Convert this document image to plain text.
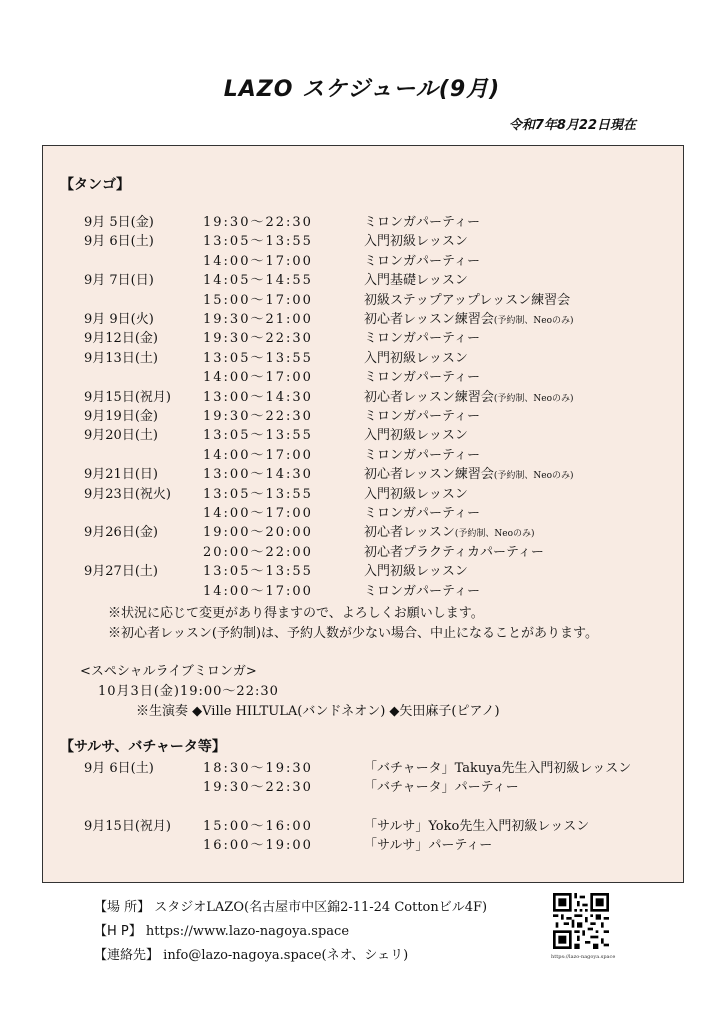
LAZO スケジュール(9月)
令和7年8月22日現在
【タンゴ】
9月 5日(金)	19:30〜22:30	ミロンガパーティー
9月 6日(土)	13:05〜13:55	入門初級レッスン
14:00〜17:00	ミロンガパーティー
9月 7日(日)	14:05〜14:55	入門基礎レッスン
15:00〜17:00	初級ステップアップレッスン練習会
9月 9日(火)	19:30〜21:00	初心者レッスン練習会(予約制、Neoのみ)
9月12日(金)	19:30〜22:30	ミロンガパーティー
9月13日(土)	13:05〜13:55	入門初級レッスン
14:00〜17:00	ミロンガパーティー
9月15日(祝月) 13:00〜14:30	初心者レッスン練習会(予約制、Neoのみ)
9月19日(金)	19:30〜22:30	ミロンガパーティー
9月20日(土)	13:05〜13:55	入門初級レッスン
14:00〜17:00	ミロンガパーティー
9月21日(日)	13:00〜14:30	初心者レッスン練習会(予約制、Neoのみ)
9月23日(祝火) 13:05〜13:55	入門初級レッスン
14:00〜17:00	ミロンガパーティー
9月26日(金)	19:00〜20:00	初心者レッスン(予約制、Neoのみ)
20:00〜22:00	初心者プラクティカパーティー
9月27日(土)	13:05〜13:55	入門初級レッスン
14:00〜17:00	ミロンガパーティー
※状況に応じて変更があり得ますので、よろしくお願いします。
※初心者レッスン(予約制)は、予約人数が少ない場合、中止になることがあります。
<スペシャルライブミロンガ>
10月3日(金)19:00〜22:30
※生演奏 ◆Ville HILTULA(バンドネオン) ◆矢田麻子(ピアノ)
【サルサ、バチャータ等】
9月 6日(土)	18:30〜19:30	「バチャータ」Takuya先生入門初級レッスン
19:30〜22:30	「バチャータ」パーティー
9月15日(祝月) 15:00〜16:00	「サルサ」Yoko先生入門初級レッスン
16:00〜19:00	「サルサ」パーティー
【場 所】 スタジオLAZO(名古屋市中区錦2-11-24 Cottonビル4F)
【H P】 https://www.lazo-nagoya.space
【連絡先】 info@lazo-nagoya.space(ネオ、シェリ)	https://lazo-nagoya.space
